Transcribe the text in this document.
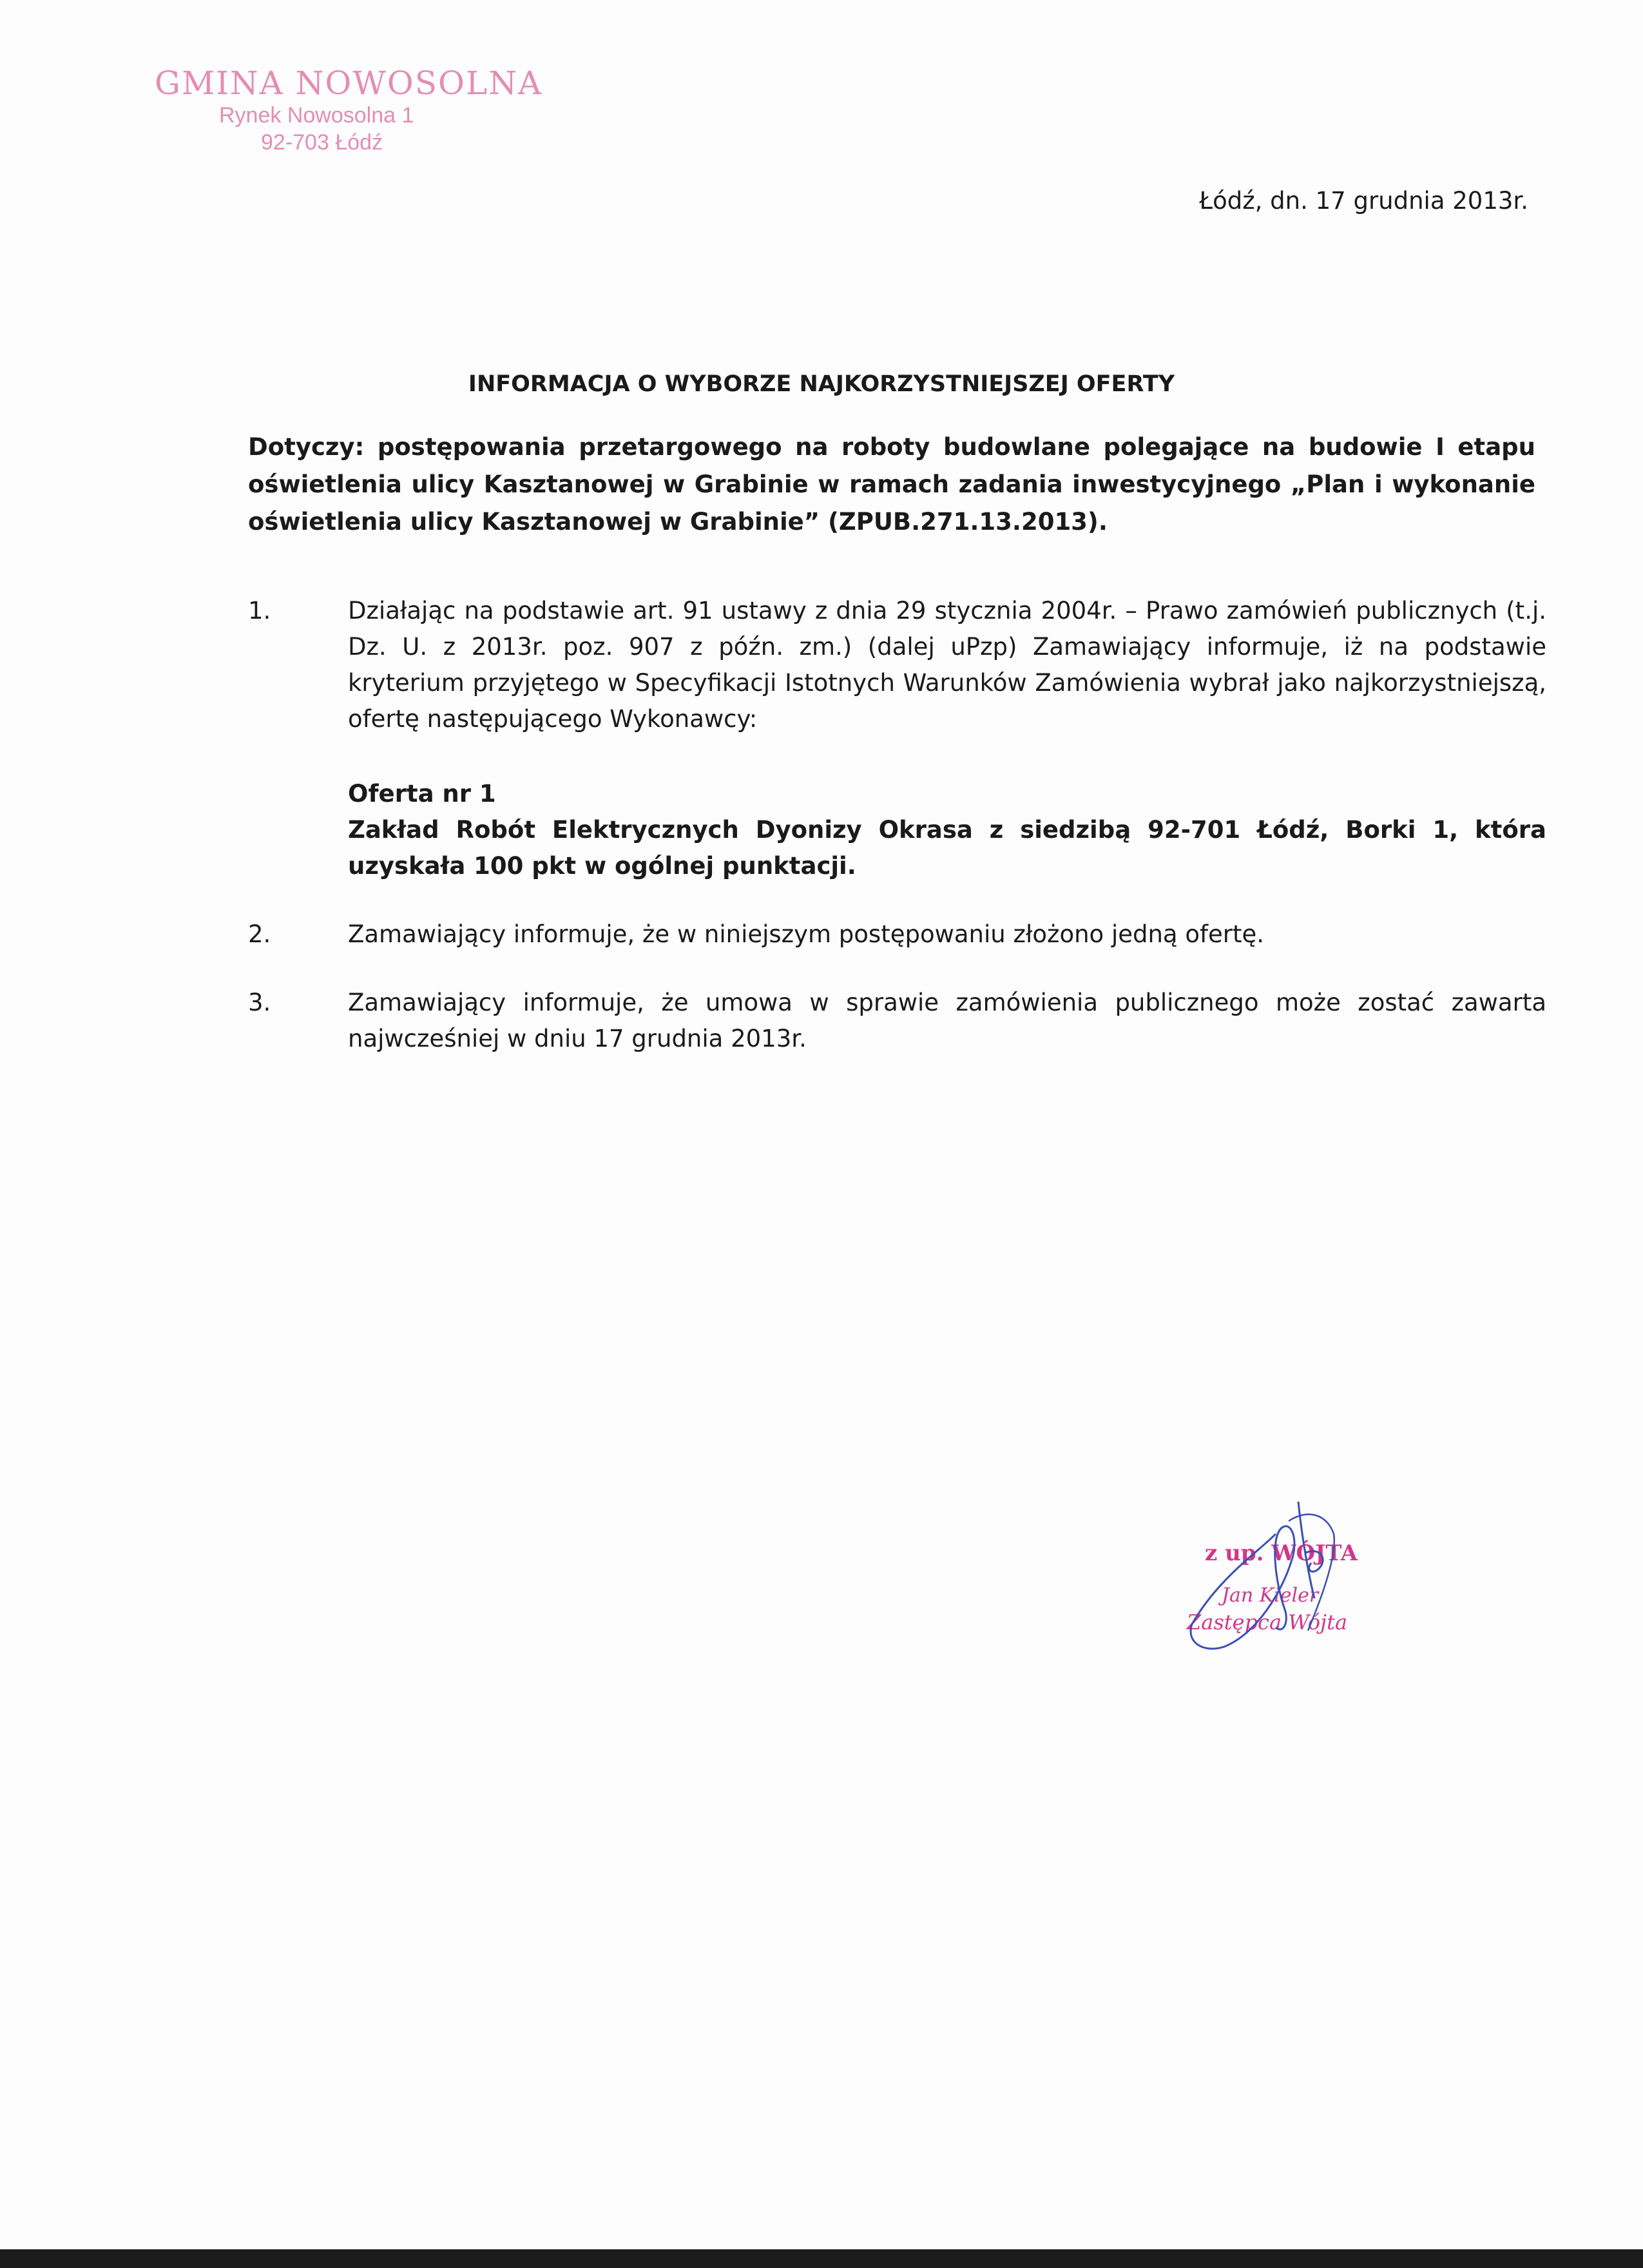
GMINA NOWOSOLNA
Rynek Nowosolna 1
92-703 Łódź
Łódź, dn. 17 grudnia 2013r.
INFORMACJA O WYBORZE NAJKORZYSTNIEJSZEJ OFERTY
Dotyczy: postępowania przetargowego na roboty budowlane polegające na budowie I etapu oświetlenia ulicy Kasztanowej w Grabinie w ramach zadania inwestycyjnego „Plan i wykonanie oświetlenia ulicy Kasztanowej w Grabinie” (ZPUB.271.13.2013).
1.	Działając na podstawie art. 91 ustawy z dnia 29 stycznia 2004r. – Prawo zamówień publicznych (t.j. Dz. U. z 2013r. poz. 907 z późn. zm.) (dalej uPzp) Zamawiający informuje, iż na podstawie kryterium przyjętego w Specyfikacji Istotnych Warunków Zamówienia wybrał jako najkorzystniejszą, ofertę następującego Wykonawcy:
Oferta nr 1
Zakład Robót Elektrycznych Dyonizy Okrasa z siedzibą 92-701 Łódź, Borki 1, która uzyskała 100 pkt w ogólnej punktacji.
2.	Zamawiający informuje, że w niniejszym postępowaniu złożono jedną ofertę.
3.	Zamawiający informuje, że umowa w sprawie zamówienia publicznego może zostać zawarta najwcześniej w dniu 17 grudnia 2013r.
z up. WÓJTA
Jan Kieler
Zastępca Wójta
